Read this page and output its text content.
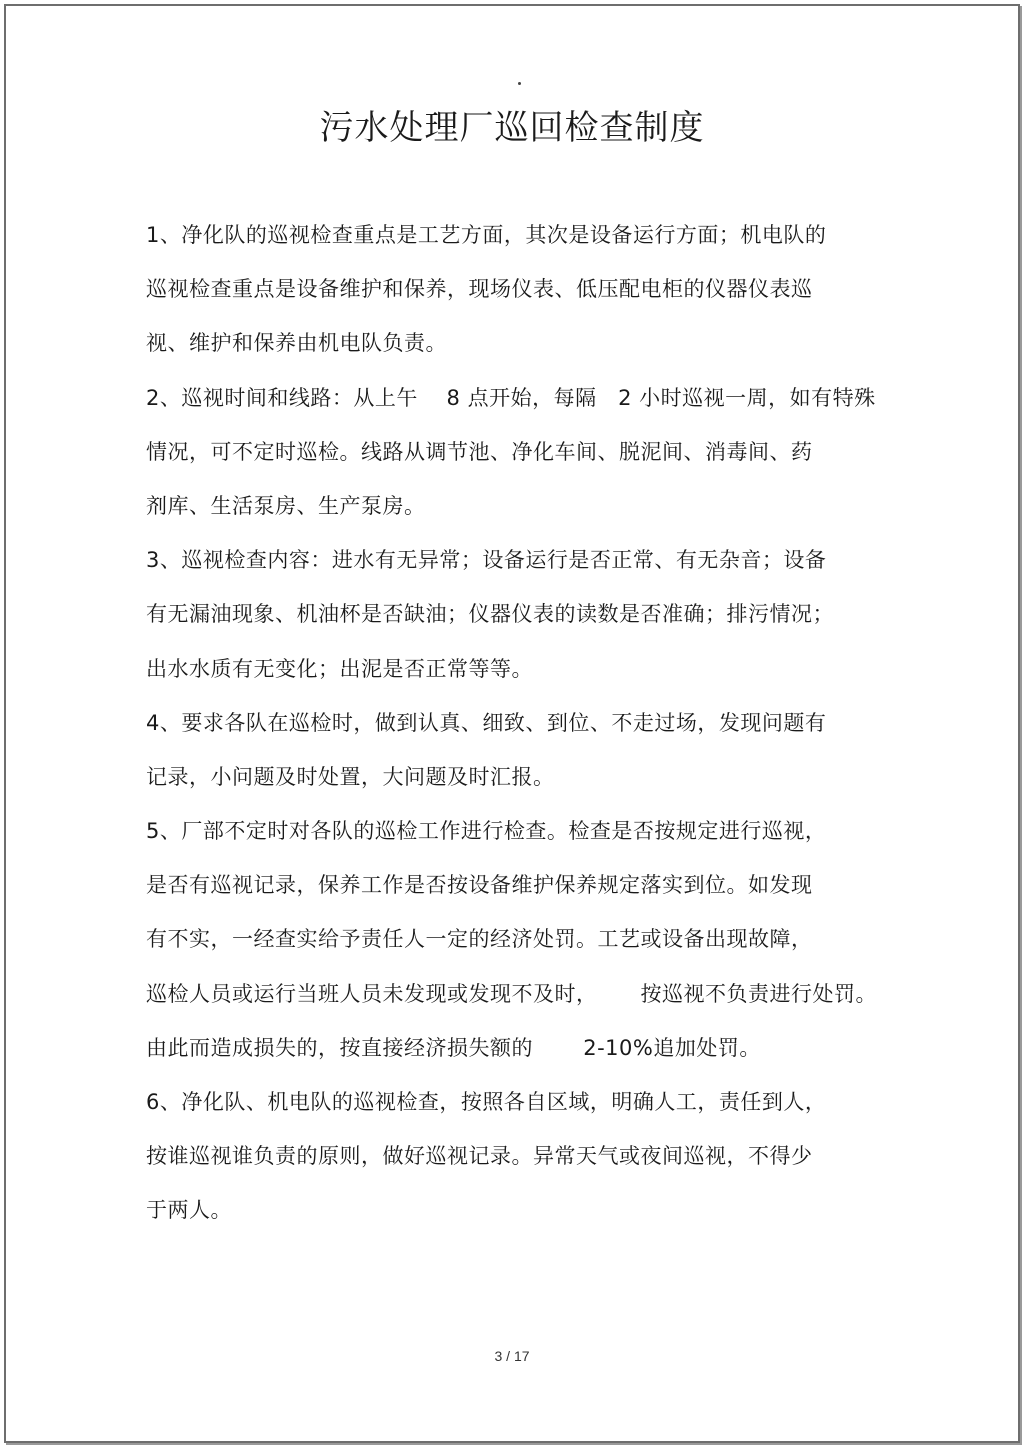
污水处理厂巡回检查制度
1、净化队的巡视检查重点是工艺方面，其次是设备运行方面；机电队的
巡视检查重点是设备维护和保养，现场仪表、低压配电柜的仪器仪表巡
视、维护和保养由机电队负责。
2、巡视时间和线路：从上午    8 点开始，每隔   2 小时巡视一周，如有特殊
情况，可不定时巡检。线路从调节池、净化车间、脱泥间、消毒间、药
剂库、生活泵房、生产泵房。
3、巡视检查内容：进水有无异常；设备运行是否正常、有无杂音；设备
有无漏油现象、机油杯是否缺油；仪器仪表的读数是否准确；排污情况；
出水水质有无变化；出泥是否正常等等。
4、要求各队在巡检时，做到认真、细致、到位、不走过场，发现问题有
记录，小问题及时处置，大问题及时汇报。
5、厂部不定时对各队的巡检工作进行检查。检查是否按规定进行巡视，
是否有巡视记录，保养工作是否按设备维护保养规定落实到位。如发现
有不实，一经查实给予责任人一定的经济处罚。工艺或设备出现故障，
巡检人员或运行当班人员未发现或发现不及时，      按巡视不负责进行处罚。
由此而造成损失的，按直接经济损失额的       2-10%追加处罚。
6、净化队、机电队的巡视检查，按照各自区域，明确人工，责任到人，
按谁巡视谁负责的原则，做好巡视记录。异常天气或夜间巡视，不得少
于两人。
3 / 17
